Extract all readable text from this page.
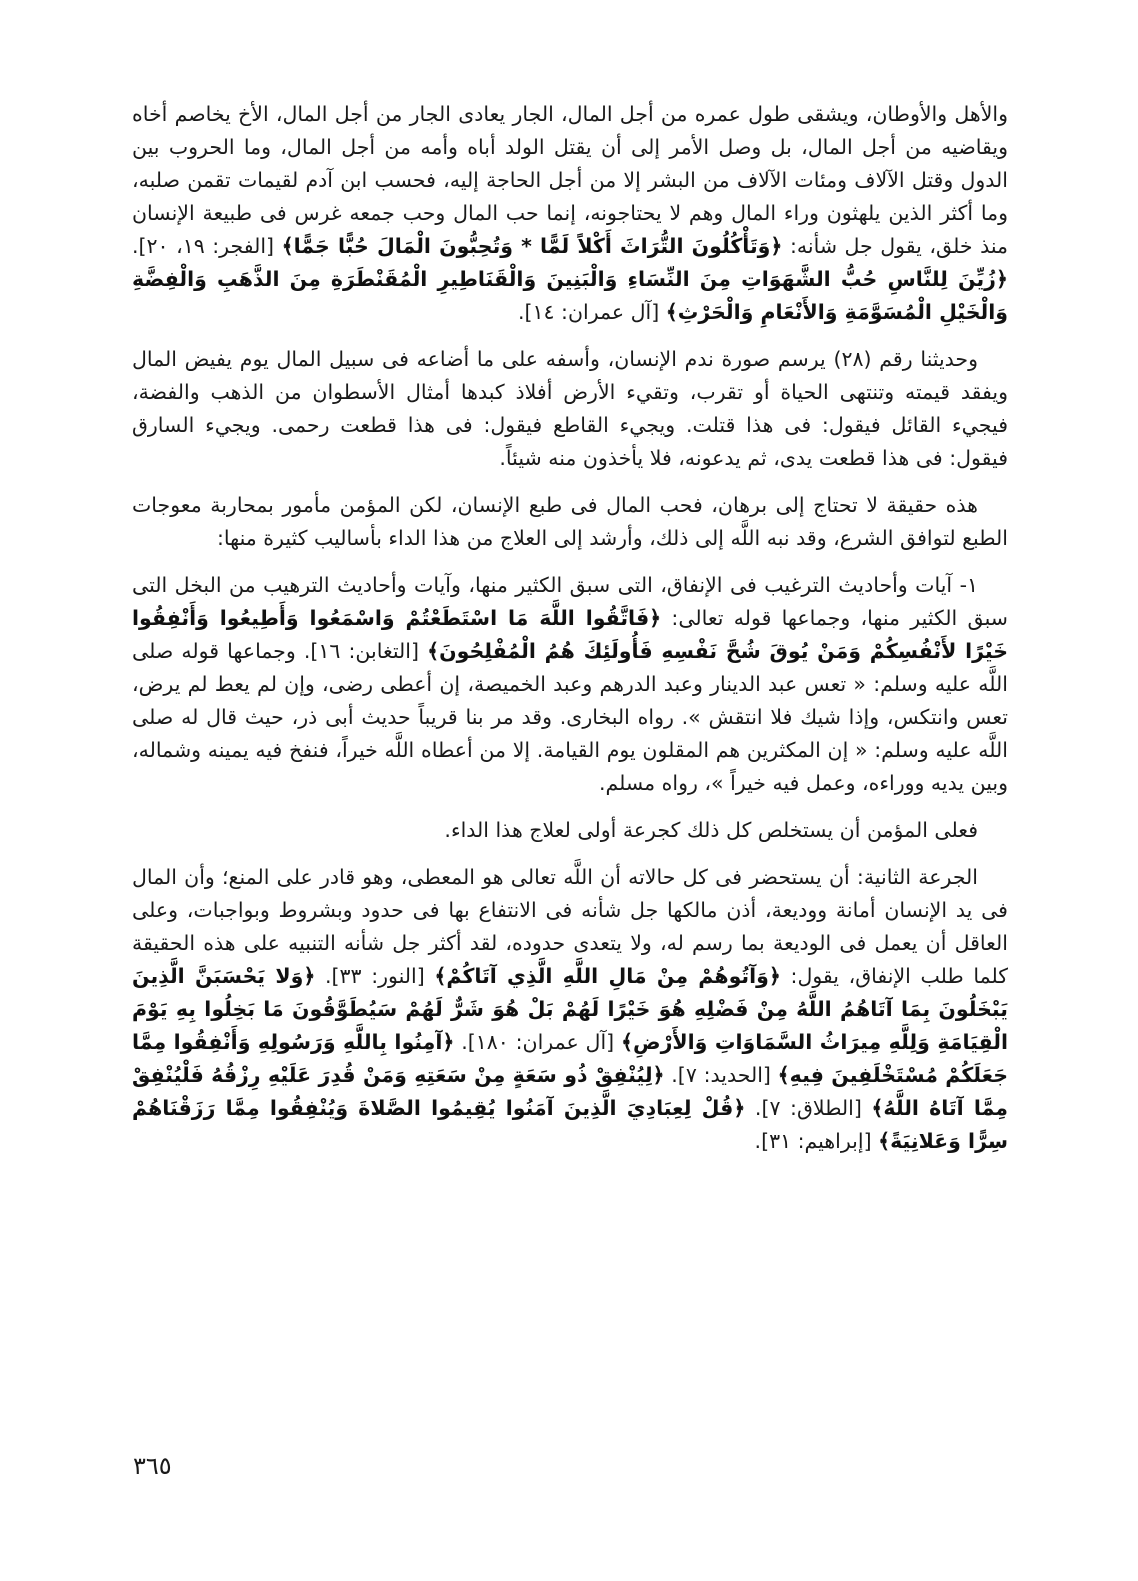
والأهل والأوطان، ويشقى طول عمره من أجل المال، الجار يعادى الجار من أجل المال، الأخ يخاصم أخاه ويقاضيه من أجل المال، بل وصل الأمر إلى أن يقتل الولد أباه وأمه من أجل المال، وما الحروب بين الدول وقتل الآلاف ومئات الآلاف من البشر إلا من أجل الحاجة إليه، فحسب ابن آدم لقيمات تقمن صلبه، وما أكثر الذين يلهثون وراء المال وهم لا يحتاجونه، إنما حب المال وحب جمعه غرس فى طبيعة الإنسان منذ خلق، يقول جل شأنه: ﴿وَتَأْكُلُونَ التُّرَاثَ أَكْلاً لَمًّا * وَتُحِبُّونَ الْمَالَ حُبًّا جَمًّا﴾ [الفجر: ١٩، ٢٠]. ﴿زُيِّنَ لِلنَّاسِ حُبُّ الشَّهَوَاتِ مِنَ النِّسَاءِ وَالْبَنِينَ وَالْقَنَاطِيرِ الْمُقَنْطَرَةِ مِنَ الذَّهَبِ وَالْفِضَّةِ وَالْخَيْلِ الْمُسَوَّمَةِ وَالأَنْعَامِ وَالْحَرْثِ﴾ [آل عمران: ١٤].

وحديثنا رقم (٢٨) يرسم صورة ندم الإنسان، وأسفه على ما أضاعه فى سبيل المال يوم يفيض المال ويفقد قيمته وتنتهى الحياة أو تقرب، وتقيء الأرض أفلاذ كبدها أمثال الأسطوان من الذهب والفضة، فيجيء القائل فيقول: فى هذا قتلت. ويجيء القاطع فيقول: فى هذا قطعت رحمى. ويجيء السارق فيقول: فى هذا قطعت يدى، ثم يدعونه، فلا يأخذون منه شيئاً.

هذه حقيقة لا تحتاج إلى برهان، فحب المال فى طبع الإنسان، لكن المؤمن مأمور بمحاربة معوجات الطبع لتوافق الشرع، وقد نبه اللَّه إلى ذلك، وأرشد إلى العلاج من هذا الداء بأساليب كثيرة منها:

١- آيات وأحاديث الترغيب فى الإنفاق، التى سبق الكثير منها، وآيات وأحاديث الترهيب من البخل التى سبق الكثير منها، وجماعها قوله تعالى: ﴿فَاتَّقُوا اللَّهَ مَا اسْتَطَعْتُمْ وَاسْمَعُوا وَأَطِيعُوا وَأَنْفِقُوا خَيْرًا لأَنْفُسِكُمْ وَمَنْ يُوقَ شُحَّ نَفْسِهِ فَأُولَئِكَ هُمُ الْمُفْلِحُونَ﴾ [التغابن: ١٦]. وجماعها قوله صلى اللَّه عليه وسلم: « تعس عبد الدينار وعبد الدرهم وعبد الخميصة، إن أعطى رضى، وإن لم يعط لم يرض، تعس وانتكس، وإذا شيك فلا انتقش ». رواه البخارى. وقد مر بنا قريباً حديث أبى ذر، حيث قال له صلى اللَّه عليه وسلم: « إن المكثرين هم المقلون يوم القيامة. إلا من أعطاه اللَّه خيراً، فنفخ فيه يمينه وشماله، وبين يديه ووراءه، وعمل فيه خيراً »، رواه مسلم.

فعلى المؤمن أن يستخلص كل ذلك كجرعة أولى لعلاج هذا الداء.

الجرعة الثانية: أن يستحضر فى كل حالاته أن اللَّه تعالى هو المعطى، وهو قادر على المنع؛ وأن المال فى يد الإنسان أمانة ووديعة، أذن مالكها جل شأنه فى الانتفاع بها فى حدود وبشروط وبواجبات، وعلى العاقل أن يعمل فى الوديعة بما رسم له، ولا يتعدى حدوده، لقد أكثر جل شأنه التنبيه على هذه الحقيقة كلما طلب الإنفاق، يقول: ﴿وَآتُوهُمْ مِنْ مَالِ اللَّهِ الَّذِي آتَاكُمْ﴾ [النور: ٣٣]. ﴿وَلا يَحْسَبَنَّ الَّذِينَ يَبْخَلُونَ بِمَا آتَاهُمُ اللَّهُ مِنْ فَضْلِهِ هُوَ خَيْرًا لَهُمْ بَلْ هُوَ شَرٌّ لَهُمْ سَيُطَوَّقُونَ مَا بَخِلُوا بِهِ يَوْمَ الْقِيَامَةِ وَلِلَّهِ مِيرَاثُ السَّمَاوَاتِ وَالأَرْضِ﴾ [آل عمران: ١٨٠]. ﴿آمِنُوا بِاللَّهِ وَرَسُولِهِ وَأَنْفِقُوا مِمَّا جَعَلَكُمْ مُسْتَخْلَفِينَ فِيهِ﴾ [الحديد: ٧]. ﴿لِيُنْفِقْ ذُو سَعَةٍ مِنْ سَعَتِهِ وَمَنْ قُدِرَ عَلَيْهِ رِزْقُهُ فَلْيُنْفِقْ مِمَّا آتَاهُ اللَّهُ﴾ [الطلاق: ٧]. ﴿قُلْ لِعِبَادِيَ الَّذِينَ آمَنُوا يُقِيمُوا الصَّلاةَ وَيُنْفِقُوا مِمَّا رَزَقْنَاهُمْ سِرًّا وَعَلانِيَةً﴾ [إبراهيم: ٣١].

٣٦٥
